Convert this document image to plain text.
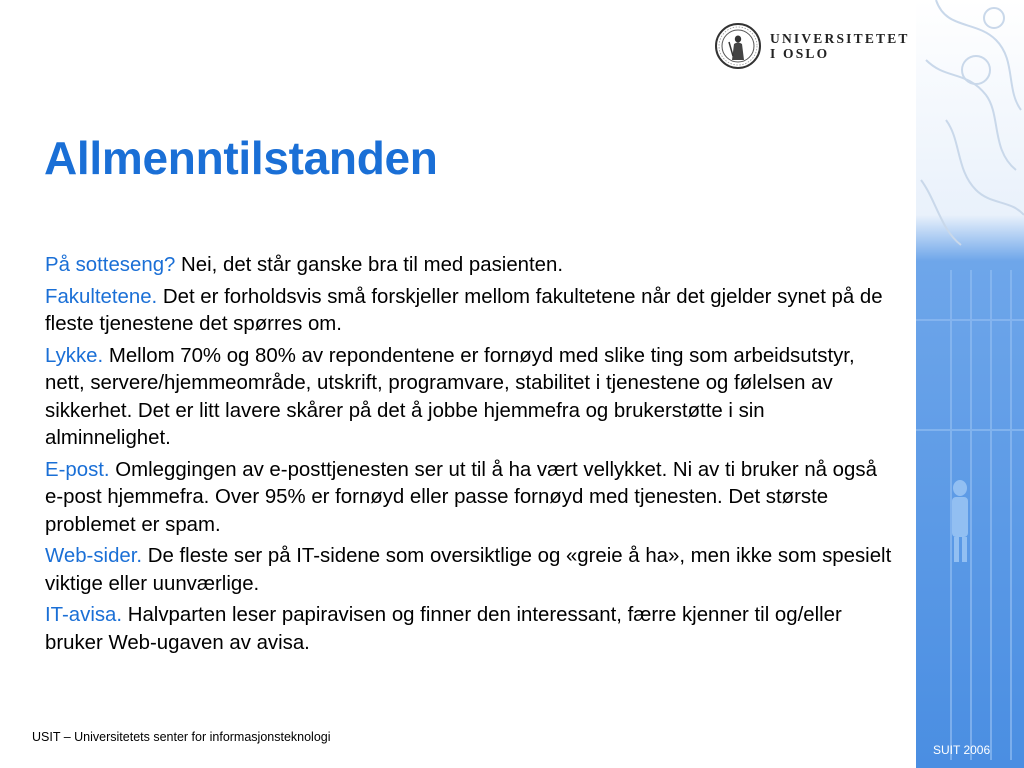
UNIVERSITETET
I OSLO
Allmenntilstanden

På sotteseng? Nei, det står ganske bra til med pasienten.

Fakultetene. Det er forholdsvis små forskjeller mellom fakultetene når det gjelder synet på de fleste tjenestene det spørres om.

Lykke. Mellom 70% og 80% av repondentene er fornøyd med slike ting som arbeidsutstyr, nett, servere/hjemmeområde, utskrift, programvare, stabilitet i tjenestene og følelsen av sikkerhet. Det er litt lavere skårer på det å jobbe hjemmefra og brukerstøtte i sin alminnelighet.

E-post. Omleggingen av e-posttjenesten ser ut til å ha vært vellykket. Ni av ti bruker nå også e-post hjemmefra. Over 95% er fornøyd eller passe fornøyd med tjenesten. Det største problemet er spam.

Web-sider. De fleste ser på IT-sidene som oversiktlige og «greie å ha», men ikke som spesielt viktige eller uunværlige.

IT-avisa. Halvparten leser papiravisen og finner den interessant, færre kjenner til og/eller bruker Web-ugaven av avisa.

USIT – Universitetets senter for informasjonsteknologi
SUIT 2006
